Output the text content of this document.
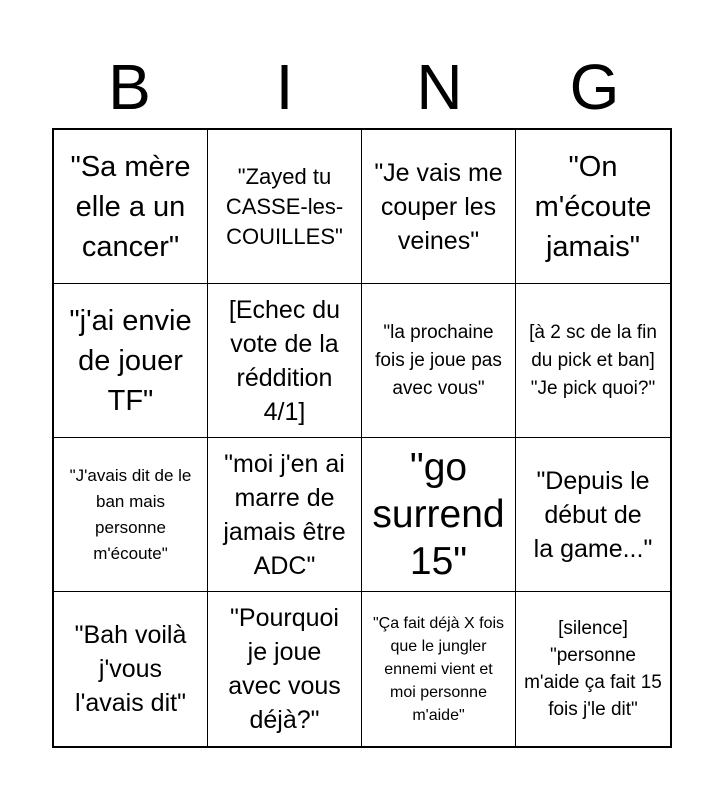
B	I	N	G
"Sa mère elle a un cancer"
"Zayed tu CASSE-les-COUILLES"
"Je vais me couper les veines"
"On m'écoute jamais"
"j'ai envie de jouer TF"
[Echec du vote de la réddition 4/1]
"la prochaine fois je joue pas avec vous"
[à 2 sc de la fin du pick et ban] "Je pick quoi?"
"J'avais dit de le ban mais personne m'écoute"
"moi j'en ai marre de jamais être ADC"
"go surrend 15"
"Depuis le début de la game..."
"Bah voilà j'vous l'avais dit"
"Pourquoi je joue avec vous déjà?"
"Ça fait déjà X fois que le jungler ennemi vient et moi personne m'aide"
[silence] "personne m'aide ça fait 15 fois j'le dit"
